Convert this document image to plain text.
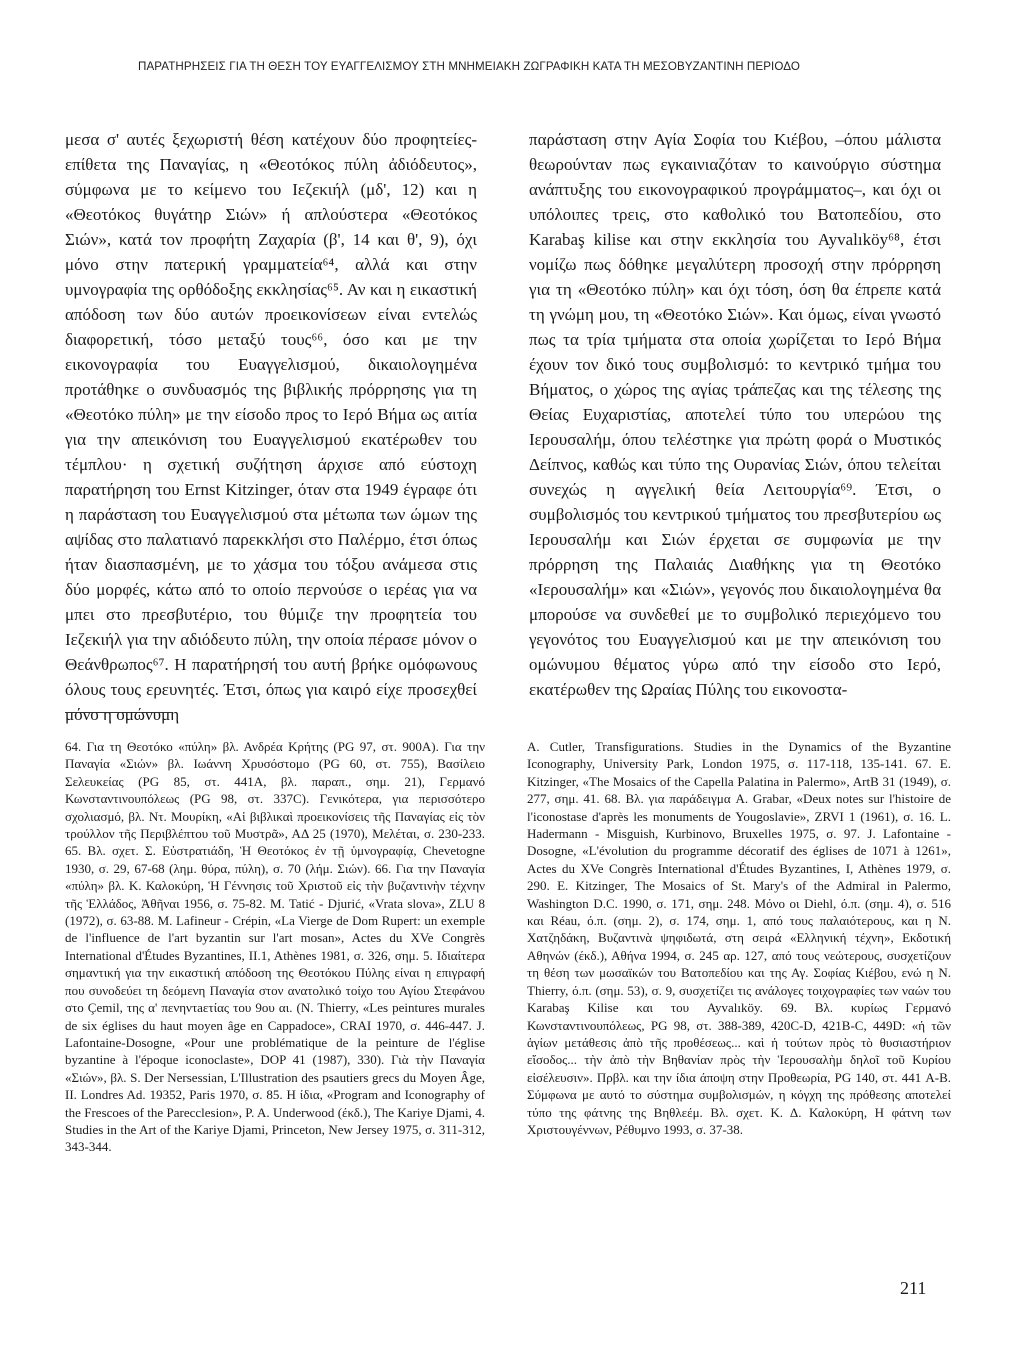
ΠΑΡΑΤΗΡΗΣΕΙΣ ΓΙΑ ΤΗ ΘΕΣΗ ΤΟΥ ΕΥΑΓΓΕΛΙΣΜΟΥ ΣΤΗ ΜΝΗΜΕΙΑΚΗ ΖΩΓΡΑΦΙΚΗ ΚΑΤΑ ΤΗ ΜΕΣΟΒΥΖΑΝΤΙΝΗ ΠΕΡΙΟΔΟ

μεσα σ' αυτές ξεχωριστή θέση κατέχουν δύο προφητείες-επίθετα της Παναγίας, η «Θεοτόκος πύλη ἀδιόδευτος», σύμφωνα με το κείμενο του Ιεζεκιήλ (μδ', 12) και η «Θεοτόκος θυγάτηρ Σιών» ή απλούστερα «Θεοτόκος Σιών», κατά τον προφήτη Ζαχαρία (β', 14 και θ', 9), όχι μόνο στην πατερική γραμματεία⁶⁴, αλλά και στην υμνογραφία της ορθόδοξης εκκλησίας⁶⁵. Αν και η εικαστική απόδοση των δύο αυτών προεικονίσεων είναι εντελώς διαφορετική, τόσο μεταξύ τους⁶⁶, όσο και με την εικονογραφία του Ευαγγελισμού, δικαιολογημένα προτάθηκε ο συνδυασμός της βιβλικής πρόρρησης για τη «Θεοτόκο πύλη» με την είσοδο προς το Ιερό Βήμα ως αιτία για την απεικόνιση του Ευαγγελισμού εκατέρωθεν του τέμπλου· η σχετική συζήτηση άρχισε από εύστοχη παρατήρηση του Ernst Kitzinger, όταν στα 1949 έγραφε ότι η παράσταση του Ευαγγελισμού στα μέτωπα των ώμων της αψίδας στο παλατιανό παρεκκλήσι στο Παλέρμο, έτσι όπως ήταν διασπασμένη, με το χάσμα του τόξου ανάμεσα στις δύο μορφές, κάτω από το οποίο περνούσε ο ιερέας για να μπει στο πρεσβυτέριο, του θύμιζε την προφητεία του Ιεζεκιήλ για την αδιόδευτο πύλη, την οποία πέρασε μόνον ο Θεάνθρωπος⁶⁷. Η παρατήρησή του αυτή βρήκε ομόφωνους όλους τους ερευνητές. Έτσι, όπως για καιρό είχε προσεχθεί μόνο η ομώνυμη

παράσταση στην Αγία Σοφία του Κιέβου, –όπου μάλιστα θεωρούνταν πως εγκαινιαζόταν το καινούργιο σύστημα ανάπτυξης του εικονογραφικού προγράμματος–, και όχι οι υπόλοιπες τρεις, στο καθολικό του Βατοπεδίου, στο Karabaş kilise και στην εκκλησία του Ayvalıköy⁶⁸, έτσι νομίζω πως δόθηκε μεγαλύτερη προσοχή στην πρόρρηση για τη «Θεοτόκο πύλη» και όχι τόση, όση θα έπρεπε κατά τη γνώμη μου, τη «Θεοτόκο Σιών». Και όμως, είναι γνωστό πως τα τρία τμήματα στα οποία χωρίζεται το Ιερό Βήμα έχουν τον δικό τους συμβολισμό: το κεντρικό τμήμα του Βήματος, ο χώρος της αγίας τράπεζας και της τέλεσης της Θείας Ευχαριστίας, αποτελεί τύπο του υπερώου της Ιερουσαλήμ, όπου τελέστηκε για πρώτη φορά ο Μυστικός Δείπνος, καθώς και τύπο της Ουρανίας Σιών, όπου τελείται συνεχώς η αγγελική θεία Λειτουργία⁶⁹. Έτσι, ο συμβολισμός του κεντρικού τμήματος του πρεσβυτερίου ως Ιερουσαλήμ και Σιών έρχεται σε συμφωνία με την πρόρρηση της Παλαιάς Διαθήκης για τη Θεοτόκο «Ιερουσαλήμ» και «Σιών», γεγονός που δικαιολογημένα θα μπορούσε να συνδεθεί με το συμβολικό περιεχόμενο του γεγονότος του Ευαγγελισμού και με την απεικόνιση του ομώνυμου θέματος γύρω από την είσοδο στο Ιερό, εκατέρωθεν της Ωραίας Πύλης του εικονοστα-

64. Για τη Θεοτόκο «πύλη» βλ. Ανδρέα Κρήτης (PG 97, στ. 900A). Για την Παναγία «Σιών» βλ. Ιωάννη Χρυσόστομο (PG 60, στ. 755), Βασίλειο Σελευκείας (PG 85, στ. 441A, βλ. παραπ., σημ. 21), Γερμανό Κωνσταντινουπόλεως (PG 98, στ. 337C). Γενικότερα, για περισσότερο σχολιασμό, βλ. Ντ. Μουρίκη, «Αἱ βιβλικαὶ προεικονίσεις τῆς Παναγίας εἰς τὸν τρούλλον τῆς Περιβλέπτου τοῦ Μυστρᾶ», ΑΔ 25 (1970), Μελέται, σ. 230-233. 65. Βλ. σχετ. Σ. Εὐστρατιάδη, Ἡ Θεοτόκος ἐν τῇ ὑμνογραφίᾳ, Chevetogne 1930, σ. 29, 67-68 (λημ. θύρα, πύλη), σ. 70 (λήμ. Σιών). 66. Για την Παναγία «πύλη» βλ. Κ. Καλοκύρη, Ἡ Γέννησις τοῦ Χριστοῦ εἰς τὴν βυζαντινὴν τέχνην τῆς Ἑλλάδος, Ἀθῆναι 1956, σ. 75-82. M. Tatić - Djurić, «Vrata slova», ZLU 8 (1972), σ. 63-88. M. Lafineur - Crépin, «La Vierge de Dom Rupert: un exemple de l'influence de l'art byzantin sur l'art mosan», Actes du XVe Congrès International d'Études Byzantines, II.1, Athènes 1981, σ. 326, σημ. 5. Ιδιαίτερα σημαντική για την εικαστική απόδοση της Θεοτόκου Πύλης είναι η επιγραφή που συνοδεύει τη δεόμενη Παναγία στον ανατολικό τοίχο του Αγίου Στεφάνου στο Çemil, της α' πενηντaετίας του 9ου αι. (N. Thierry, «Les peintures murales de six églises du haut moyen âge en Cappadoce», CRAI 1970, σ. 446-447. J. Lafontaine-Dosogne, «Pour une problématique de la peinture de l'église byzantine à l'époque iconoclaste», DOP 41 (1987), 330). Γιὰ τὴν Παναγία «Σιών», βλ. S. Der Nersessian, L'Illustration des psautiers grecs du Moyen Âge, II. Londres Ad. 19352, Paris 1970, σ. 85. Η ίδια, «Program and Iconography of the Frescoes of the Parecclesion», P. A. Underwood (έκδ.), The Kariye Djami, 4. Studies in the Art of the Kariye Djami, Princeton, New Jersey 1975, σ. 311-312, 343-344.

A. Cutler, Transfigurations. Studies in the Dynamics of the Byzantine Iconography, University Park, London 1975, σ. 117-118, 135-141. 67. E. Kitzinger, «The Mosaics of the Capella Palatina in Palermo», ArtB 31 (1949), σ. 277, σημ. 41. 68. Βλ. για παράδειγμα A. Grabar, «Deux notes sur l'histoire de l'iconostase d'après les monuments de Yougoslavie», ZRVI 1 (1961), σ. 16. L. Hadermann - Misguish, Kurbinovo, Bruxelles 1975, σ. 97. J. Lafontaine - Dosogne, «L'évolution du programme décoratif des églises de 1071 à 1261», Actes du XVe Congrès International d'Études Byzantines, I, Athènes 1979, σ. 290. E. Kitzinger, The Mosaics of St. Mary's of the Admiral in Palermo, Washington D.C. 1990, σ. 171, σημ. 248. Μόνο οι Diehl, ό.π. (σημ. 4), σ. 516 και Réau, ό.π. (σημ. 2), σ. 174, σημ. 1, από τους παλαιότερους, και η Ν. Χατζηδάκη, Βυζαντινὰ ψηφιδωτά, στη σειρά «Ελληνική τέχνη», Εκδοτική Αθηνών (έκδ.), Αθήνα 1994, σ. 245 αρ. 127, από τους νεώτερους, συσχετίζουν τη θέση των μωσαϊκών του Βατοπεδίου και της Αγ. Σοφίας Κιέβου, ενώ η N. Thierry, ό.π. (σημ. 53), σ. 9, συσχετίζει τις ανάλογες τοιχογραφίες των ναών του Karabaş Kilise και του Ayvalıköy. 69. Βλ. κυρίως Γερμανό Κωνσταντινουπόλεως, PG 98, στ. 388-389, 420C-D, 421B-C, 449D: «ἡ τῶν ἁγίων μετάθεσις ἀπὸ τῆς προθέσεως... καὶ ἡ τούτων πρὸς τὸ θυσιαστήριον εἴσοδος... τὴν ἀπὸ τὴν Βηθανίαν πρὸς τὴν Ἱερουσαλὴμ δηλοῖ τοῦ Κυρίου εἰσέλευσιν». Πρβλ. και την ίδια άποψη στην Προθεωρία, PG 140, στ. 441 A-B. Σύμφωνα με αυτό το σύστημα συμβολισμών, η κόγχη της πρόθεσης αποτελεί τύπο της φάτνης της Βηθλεέμ. Βλ. σχετ. Κ. Δ. Καλοκύρη, Η φάτνη των Χριστουγέννων, Ρέθυμνο 1993, σ. 37-38.

211
